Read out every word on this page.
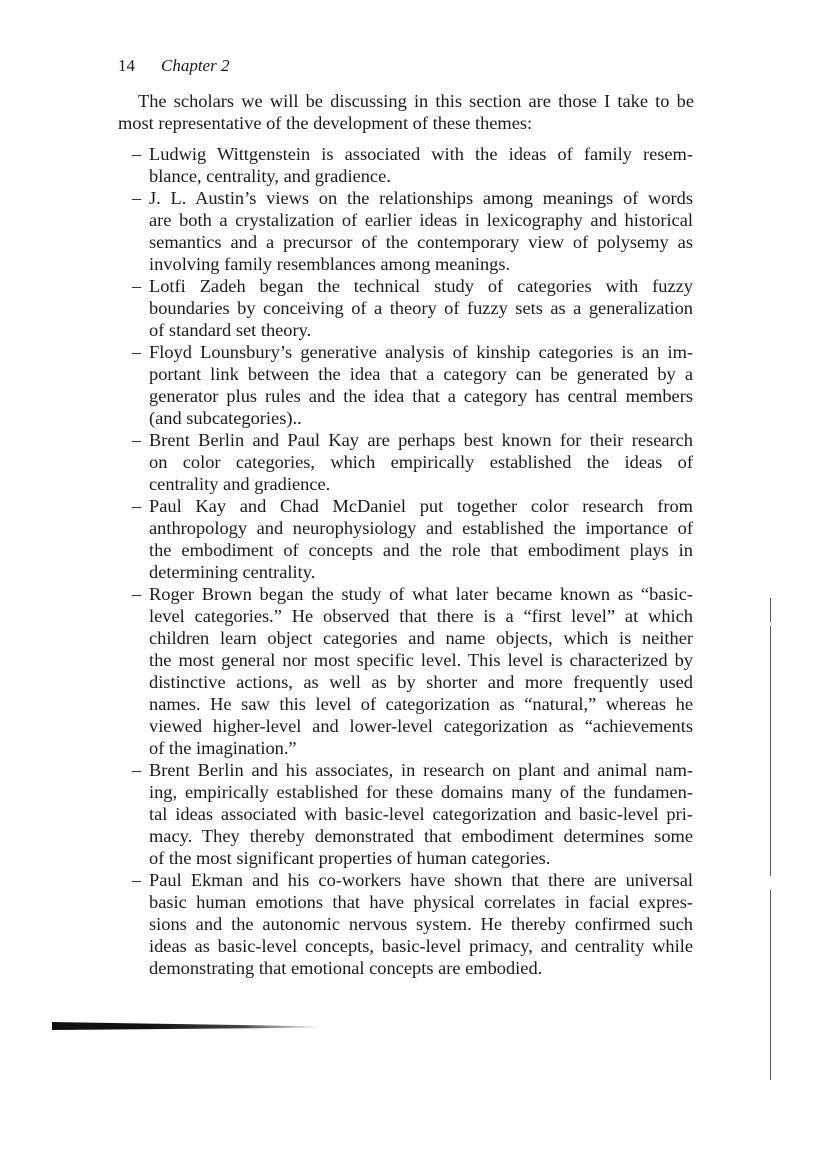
14 Chapter 2

The scholars we will be discussing in this section are those I take to be most representative of the development of these themes:

– Ludwig Wittgenstein is associated with the ideas of family resem-
blance, centrality, and gradience.
– J. L. Austin’s views on the relationships among meanings of words
are both a crystalization of earlier ideas in lexicography and historical
semantics and a precursor of the contemporary view of polysemy as
involving family resemblances among meanings.
– Lotfi Zadeh began the technical study of categories with fuzzy
boundaries by conceiving of a theory of fuzzy sets as a generalization
of standard set theory.
– Floyd Lounsbury’s generative analysis of kinship categories is an im-
portant link between the idea that a category can be generated by a
generator plus rules and the idea that a category has central members
(and subcategories)..
– Brent Berlin and Paul Kay are perhaps best known for their research
on color categories, which empirically established the ideas of
centrality and gradience.
– Paul Kay and Chad McDaniel put together color research from
anthropology and neurophysiology and established the importance of
the embodiment of concepts and the role that embodiment plays in
determining centrality.
– Roger Brown began the study of what later became known as “basic-
level categories.” He observed that there is a “first level” at which
children learn object categories and name objects, which is neither
the most general nor most specific level. This level is characterized by
distinctive actions, as well as by shorter and more frequently used
names. He saw this level of categorization as “natural,” whereas he
viewed higher-level and lower-level categorization as “achievements
of the imagination.”
– Brent Berlin and his associates, in research on plant and animal nam-
ing, empirically established for these domains many of the fundamen-
tal ideas associated with basic-level categorization and basic-level pri-
macy. They thereby demonstrated that embodiment determines some
of the most significant properties of human categories.
– Paul Ekman and his co-workers have shown that there are universal
basic human emotions that have physical correlates in facial expres-
sions and the autonomic nervous system. He thereby confirmed such
ideas as basic-level concepts, basic-level primacy, and centrality while
demonstrating that emotional concepts are embodied.
